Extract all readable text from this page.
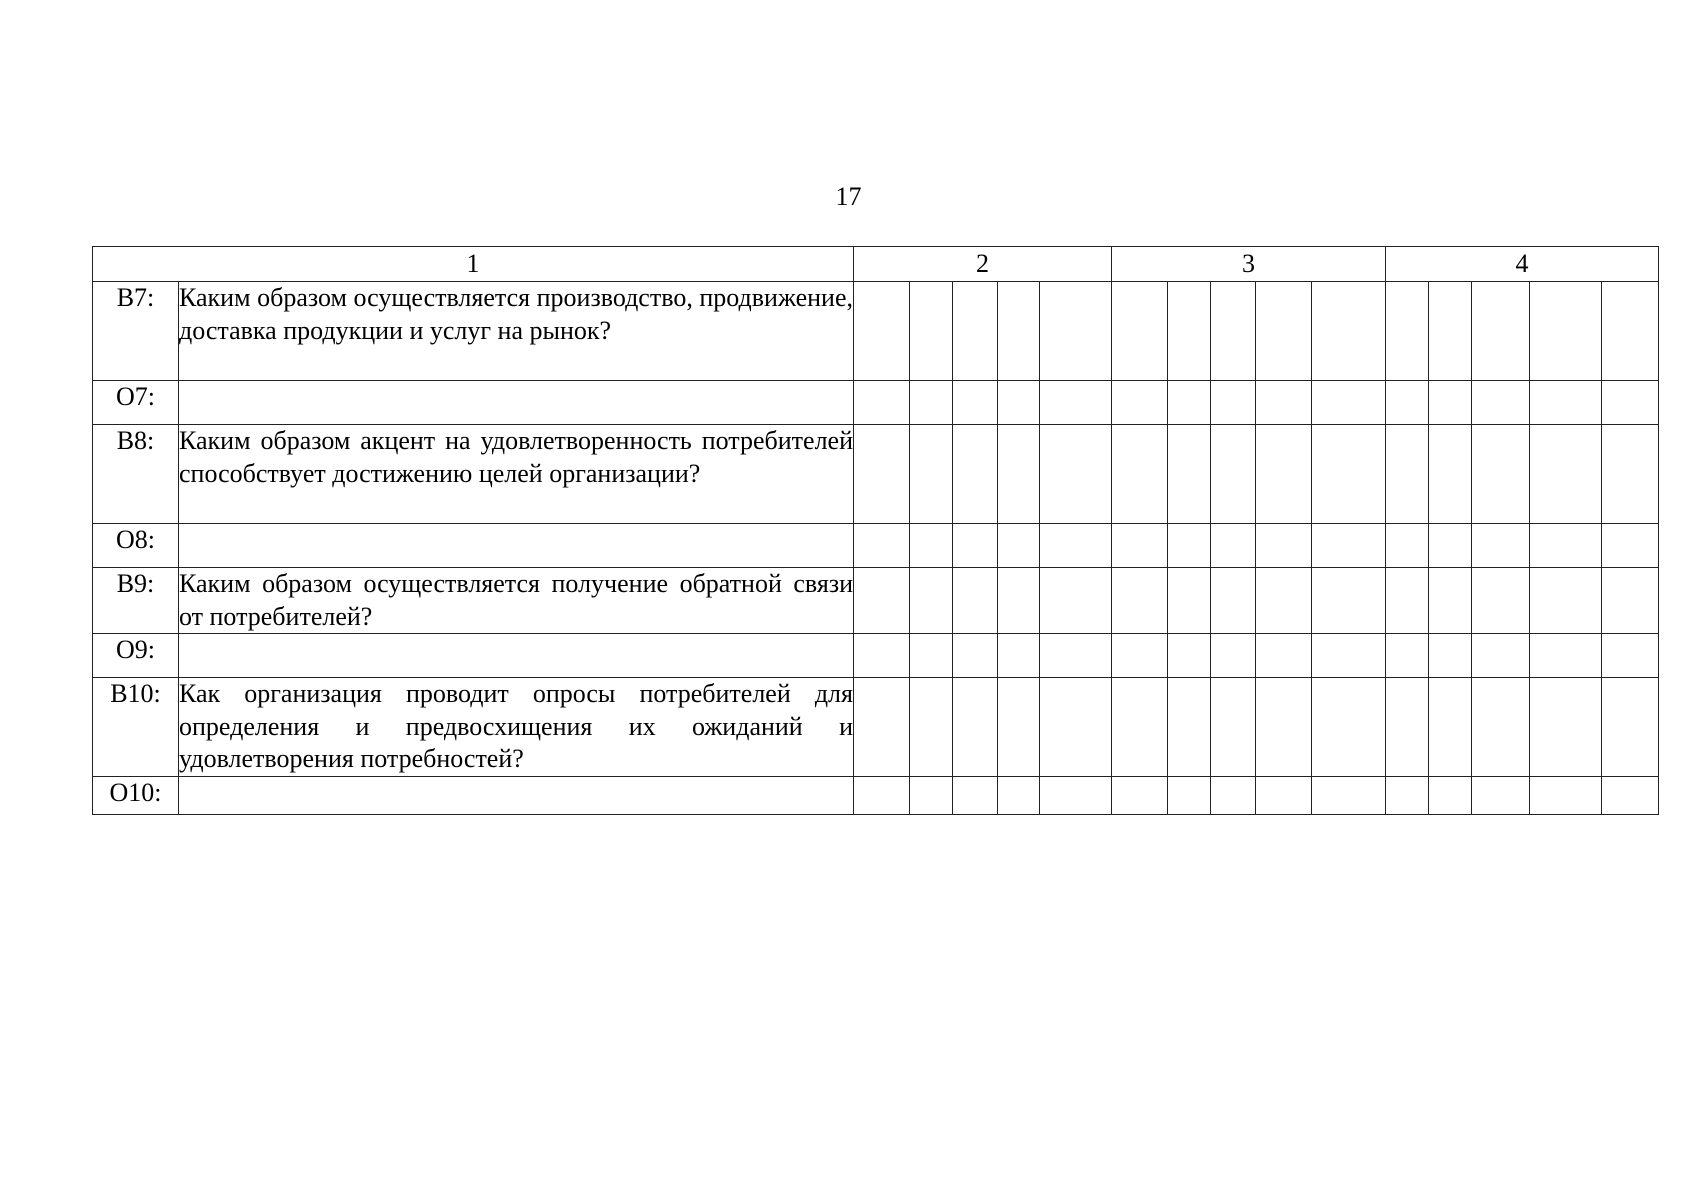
17
1		2					3					4				
В7:	Каким образом осуществляется производство, продвижение, доставка продукции и услуг на рынок?															
О7:																
В8:	Каким образом акцент на удовлетворенность потребителей способствует достижению целей организации?															
О8:																
В9:	Каким образом осуществляется получение обратной связи от потребителей?															
О9:																
В10:	Как организация проводит опросы потребителей для определения и предвосхищения их ожиданий и удовлетворения потребностей?															
О10:																
